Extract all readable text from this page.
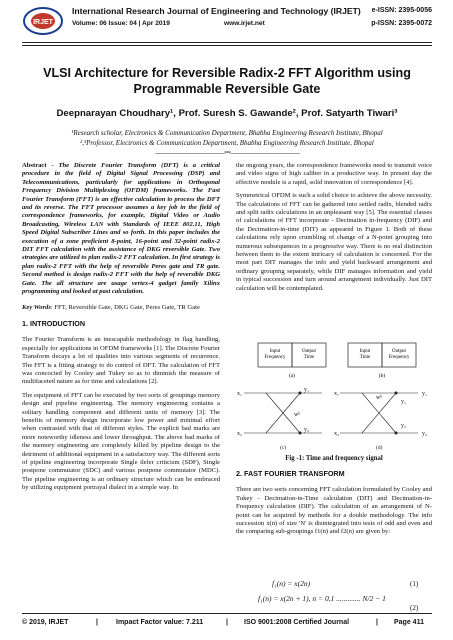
IRJET
International Research Journal of Engineering and Technology (IRJET)
Volume: 06 Issue: 04 | Apr 2019	www.irjet.net
e-ISSN: 2395-0056
p-ISSN: 2395-0072
VLSI Architecture for Reversible Radix-2 FFT Algorithm using
Programmable Reversible Gate
Deepnarayan Choudhary¹, Prof. Suresh S. Gawande², Prof. Satyarth Tiwari³
¹Research scholar, Electronics & Communication Department, Bhabha Engineering Research Institute, Bhopal
²,³Professor, Electronics & Communication Department, Bhabha Engineering Research Institute, Bhopal
---------------------------------------------------------------------***---------------------------------------------------------------------

Abstract - The Discrete Fourier Transform (DFT) is a critical procedure in the field of Digital Signal Processing (DSP) and Telecommunications, particularly for applications in Orthogonal Frequency Division Multiplexing (OFDM) frameworks. The Fast Fourier Transform (FFT) is an effective calculation to process the DFT and its reverse. The FFT processor assumes a key job in the field of correspondence frameworks, for example, Digital Video or Audio Broadcasting, Wireless LAN with Standards of IEEE 802.11, High Speed Digital Subscriber Lines and so forth. In this paper includes the execution of a zone proficient 8-point, 16-point and 32-point radix-2 DIT FFT calculation with the assistance of DKG reversible Gate. Two strategies are utilized to plan radix-2 FFT calculation. In first strategy is plan radix-2 FFT with the help of reversible Peres gate and TR gate. Second method is design radix-2 FFT with the help of reversible DKG Gate. The all structure are usage vertex-4 gadget family Xilinx programming and looked at past calculation.

Key Words: FFT, Reversible Gate, DKG Gate, Peres Gate, TR Gate

1. INTRODUCTION

The Fourier Transform is an inescapable methodology in flag handling, especially for applications in OFDM frameworks [1]. The Discrete Fourier Transform decays a lot of qualities into various segments of recurrence. The FFT is a fitting strategy to do control of DFT. The calculation of FFT was concocted by Cooley and Tukey so as to diminish the measure of multifaceted nature as for time and calculations [2].

The equipment of FFT can be executed by two sorts of groupings memory design and pipeline engineering. The memory engineering contains a solitary handling component and different units of memory [3]. The benefits of memory design incorporate low power and minimal effort when contrasted with that of different styles. The explicit bad marks are more noteworthy idleness and lower throughput. The above bad marks of the memory engineering are completely killed by pipeline design to the detriment of additional equipment in a satisfactory way. The different sorts of pipeline engineering incorporate Single defer criticism (SDF), Single postpone commutator (SDC) and various postpone commutator (MDC). The pipeline engineering is an ordinary structure which can be embraced by utilizing equipment portrayal dialect in a simple way. In

the ongoing years, the correspondence frameworks need to transmit voice and video signs of high caliber in a productive way. In present day the effective module is a rapid, solid innovation of correspondence [4].

Symmetrical OFDM is such a solid choice to achieve the above necessity. The calculations of FFT can be gathered into settled radix, blended radix and split radix calculations in an unpleasant way [5]. The essential classes of calculations of FFT incorporate - Decimation in-frequency (DIF) and the Decimation-in-time (DIT) as appeared in Figure 1. Both of these calculations rely upon crumbling of change of a N-point grouping into numerous subsequences in a progressive way. There is no real distinction between them to the extent intricacy of calculation is concerned. For the most part DIT manages the info and yield backward arrangement and ordinary grouping separately, while DIF manages information and yield in typical succession and turn around arrangement individually. Just DIT calculation will be contemplated.

Input Frequency
Output Time
(a)
Input Time
Output Frequency
(b)
x₁
x₂
y₁
y₂
wᵏ
(c)
x₁
x₂
y₁
y₂
wᵏ
y₁
y₂
(d)
Fig -1: Time and frequency signal
2. FAST FOURIER TRANSFORM

There are two sorts concerning FFT calculation formulated by Cooley and Tukey - Decimation-in-Time calculation (DIT) and Decimation-in-Frequency calculation (DIF). The calculation of an arrangement of N-point can be acquired by methods for a double methodology. The info succession x(n) of size 'N' is disintegrated into tests of odd and even and the comparing sub-groupings f1(n) and f2(n) are given by:

f₁(n) = x(2n)	(1)
f₁(n) = x(2n + 1), n = 0,1 ............. N/2 − 1
(2)
© 2019, IRJET	|	Impact Factor value: 7.211	| ISO 9001:2008 Certified Journal	| Page 411
